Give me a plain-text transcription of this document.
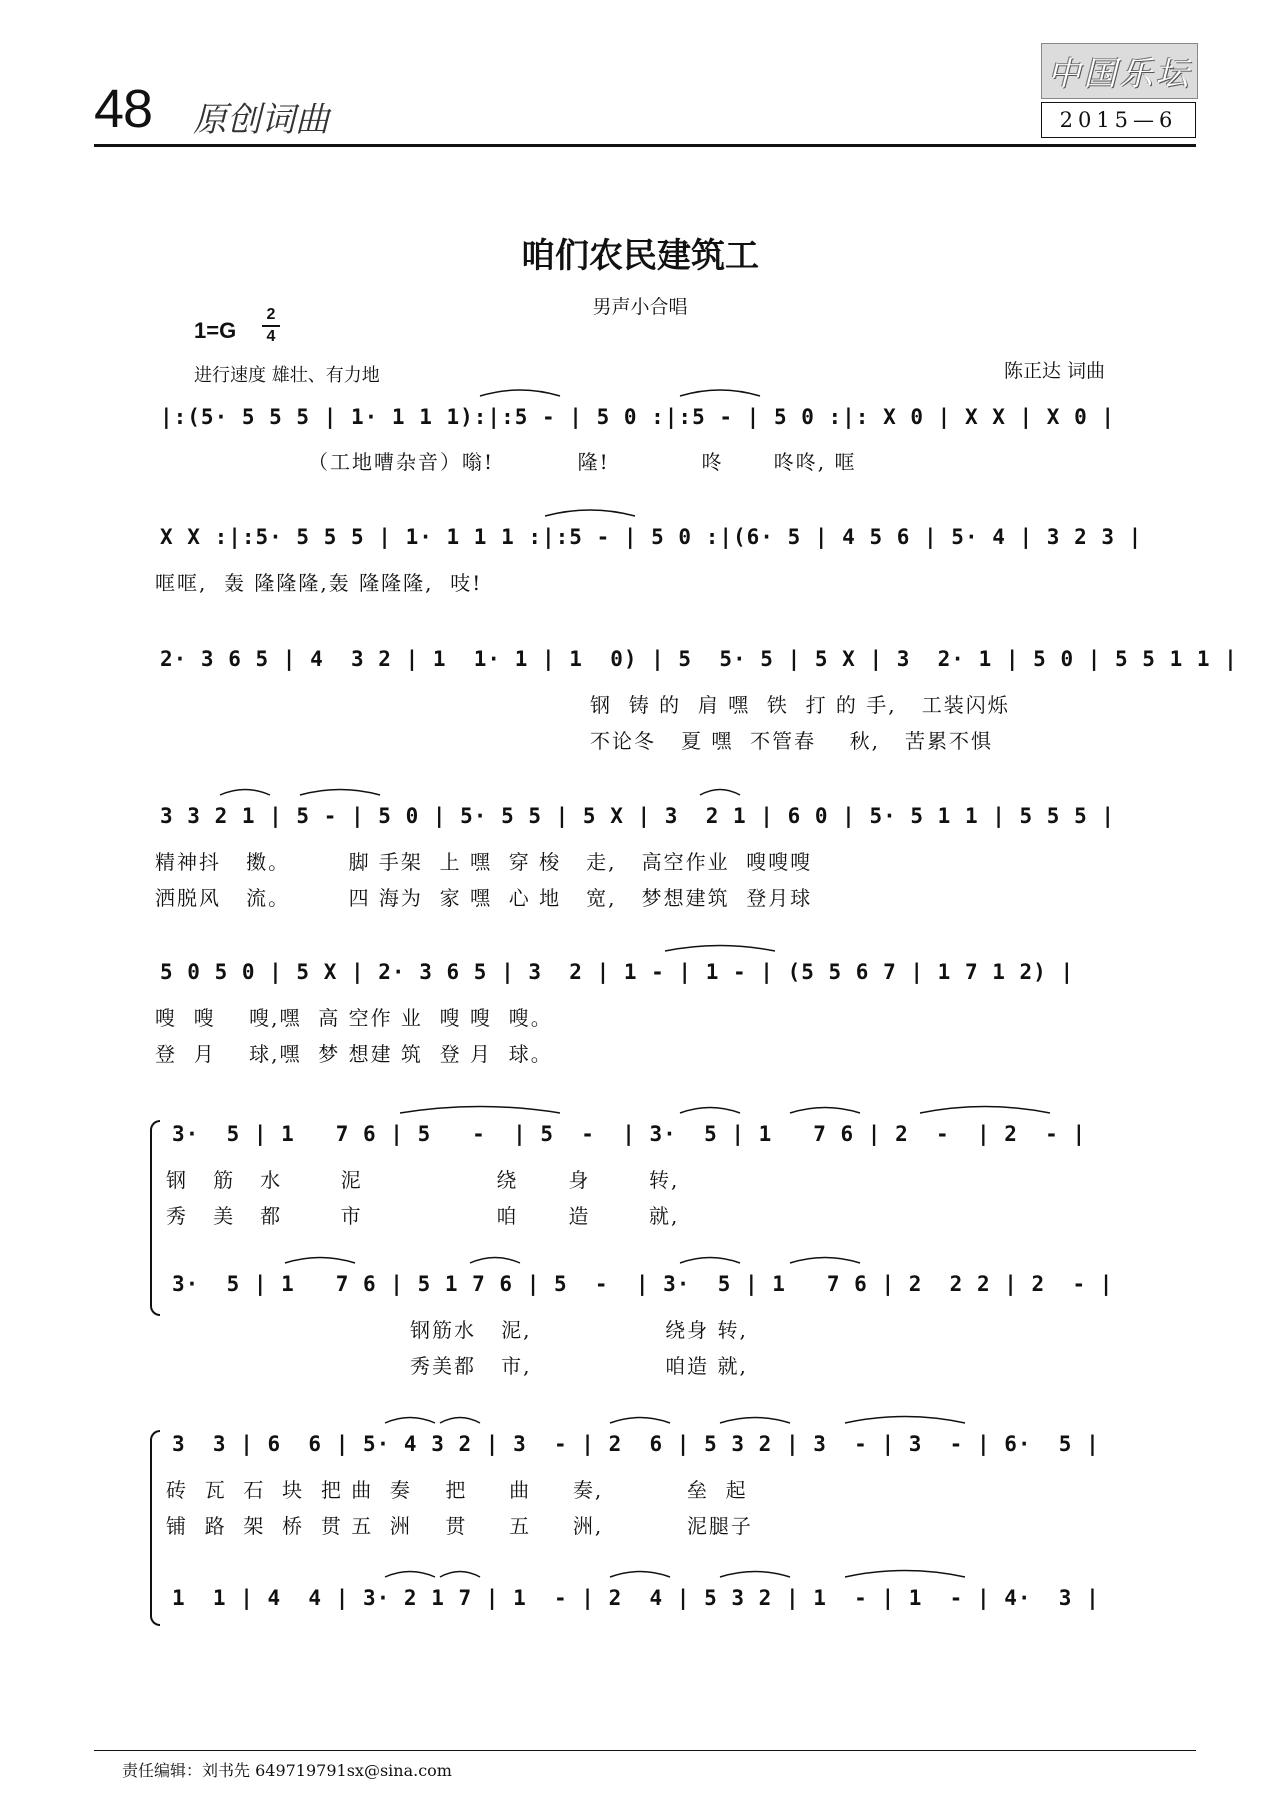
48 原创词曲
中国乐坛
2015—6
咱们农民建筑工
男声小合唱
1=G
2
4
进行速度 雄壮、有力地	陈正达 词曲
|:(5· 5 5 5 | 1· 1 1 1):|:5 - | 5 0 :|:5 - | 5 0 :|: X 0 | X X | X 0 |
（工地嘈杂音）嗡!          隆!           咚      咚咚, 哐
X X :|:5· 5 5 5 | 1· 1 1 1 :|:5 - | 5 0 :|(6· 5 | 4 5 6 | 5· 4 | 3 2 3 |
哐哐,  轰 隆隆隆,轰 隆隆隆,  吱!
2· 3 6 5 | 4  3 2 | 1  1· 1 | 1  0) | 5  5· 5 | 5 X | 3  2· 1 | 5 0 | 5 5 1 1 |
钢  铸 的  肩 嘿  铁  打 的 手,   工装闪烁
不论冬   夏 嘿  不管春    秋,   苦累不惧
3 3 2 1 | 5 - | 5 0 | 5· 5 5 | 5 X | 3  2 1 | 6 0 | 5· 5 1 1 | 5 5 5 |
精神抖   擞。       脚 手架  上 嘿  穿 梭   走,   高空作业  嗖嗖嗖
洒脱风   流。       四 海为  家 嘿  心 地   宽,   梦想建筑  登月球
5 0 5 0 | 5 X | 2· 3 6 5 | 3  2 | 1 - | 1 - | (5 5 6 7 | 1 7 1 2) |
嗖  嗖    嗖,嘿  高 空作 业  嗖 嗖  嗖。
登  月    球,嘿  梦 想建 筑  登 月  球。
3·  5 | 1   7 6 | 5   -  | 5  -  | 3·  5 | 1   7 6 | 2  -  | 2  - |
钢   筋   水       泥                绕      身       转,
秀   美   都       市                咱      造       就,
3·  5 | 1   7 6 | 5 1 7 6 | 5  -  | 3·  5 | 1   7 6 | 2  2 2 | 2  - |
钢筋水   泥,                绕身 转,
秀美都   市,                咱造 就,
3  3 | 6  6 | 5· 4 3 2 | 3  - | 2  6 | 5 3 2 | 3  - | 3  - | 6·  5 |
砖  瓦  石  块  把 曲  奏    把     曲     奏,          垒  起
铺  路  架  桥  贯 五  洲    贯     五     洲,          泥腿子
1  1 | 4  4 | 3· 2 1 7 | 1  - | 2  4 | 5 3 2 | 1  - | 1  - | 4·  3 |
责任编辑：刘书先 649719791sx@sina.com
